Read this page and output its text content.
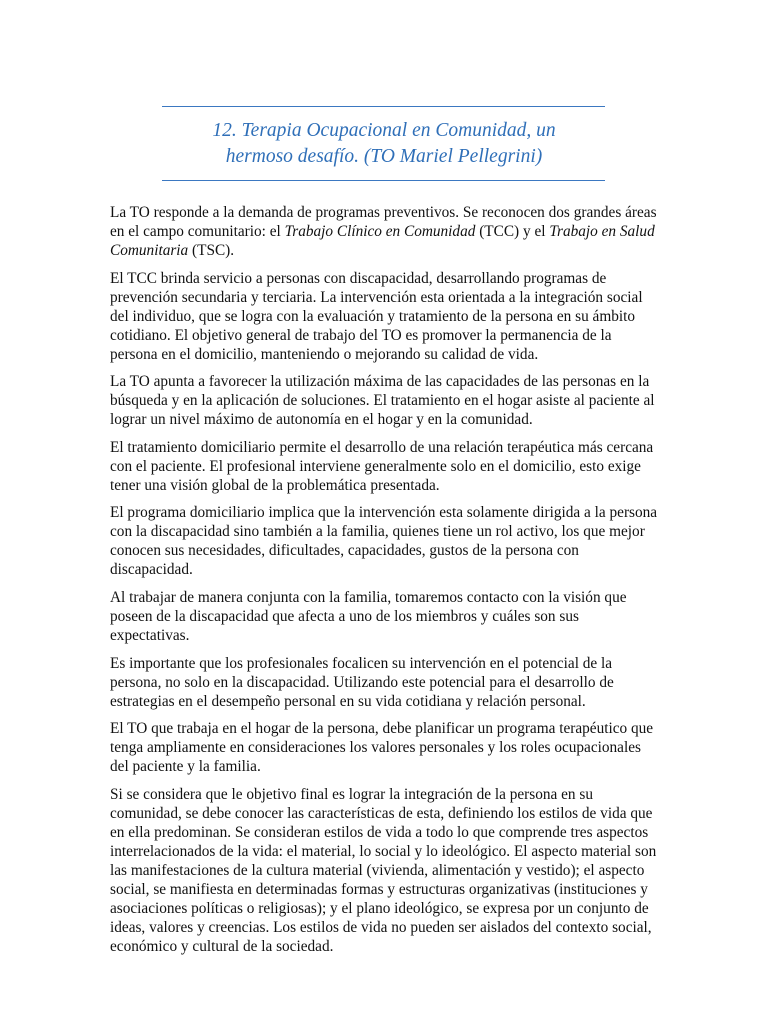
12. Terapia Ocupacional en Comunidad, un
hermoso desafío. (TO Mariel Pellegrini)

La TO responde a la demanda de programas preventivos. Se reconocen dos grandes áreas en el campo comunitario: el Trabajo Clínico en Comunidad (TCC) y el Trabajo en Salud Comunitaria (TSC).

El TCC brinda servicio a personas con discapacidad, desarrollando programas de prevención secundaria y terciaria. La intervención esta orientada a la integración social del individuo, que se logra con la evaluación y tratamiento de la persona en su ámbito cotidiano. El objetivo general de trabajo del TO es promover la permanencia de la persona en el domicilio, manteniendo o mejorando su calidad de vida.

La TO apunta a favorecer la utilización máxima de las capacidades de las personas en la búsqueda y en la aplicación de soluciones. El tratamiento en el hogar asiste al paciente al lograr un nivel máximo de autonomía en el hogar y en la comunidad.

El tratamiento domiciliario permite el desarrollo de una relación terapéutica más cercana con el paciente. El profesional interviene generalmente solo en el domicilio, esto exige tener una visión global de la problemática presentada.

El programa domiciliario implica que la intervención esta solamente dirigida a la persona con la discapacidad sino también a la familia, quienes tiene un rol activo, los que mejor conocen sus necesidades, dificultades, capacidades, gustos de la persona con discapacidad.

Al trabajar de manera conjunta con la familia, tomaremos contacto con la visión que poseen de la discapacidad que afecta a uno de los miembros y cuáles son sus expectativas.

Es importante que los profesionales focalicen su intervención en el potencial de la persona, no solo en la discapacidad. Utilizando este potencial para el desarrollo de estrategias en el desempeño personal en su vida cotidiana y relación personal.

El TO que trabaja en el hogar de la persona, debe planificar un programa terapéutico que tenga ampliamente en consideraciones los valores personales y los roles ocupacionales del paciente y la familia.

Si se considera que le objetivo final es lograr la integración de la persona en su comunidad, se debe conocer las características de esta, definiendo los estilos de vida que en ella predominan. Se consideran estilos de vida a todo lo que comprende tres aspectos interrelacionados de la vida: el material, lo social y lo ideológico. El aspecto material son las manifestaciones de la cultura material (vivienda, alimentación y vestido); el aspecto social, se manifiesta en determinadas formas y estructuras organizativas (instituciones y asociaciones políticas o religiosas); y el plano ideológico, se expresa por un conjunto de ideas, valores y creencias. Los estilos de vida no pueden ser aislados del contexto social, económico y cultural de la sociedad.
